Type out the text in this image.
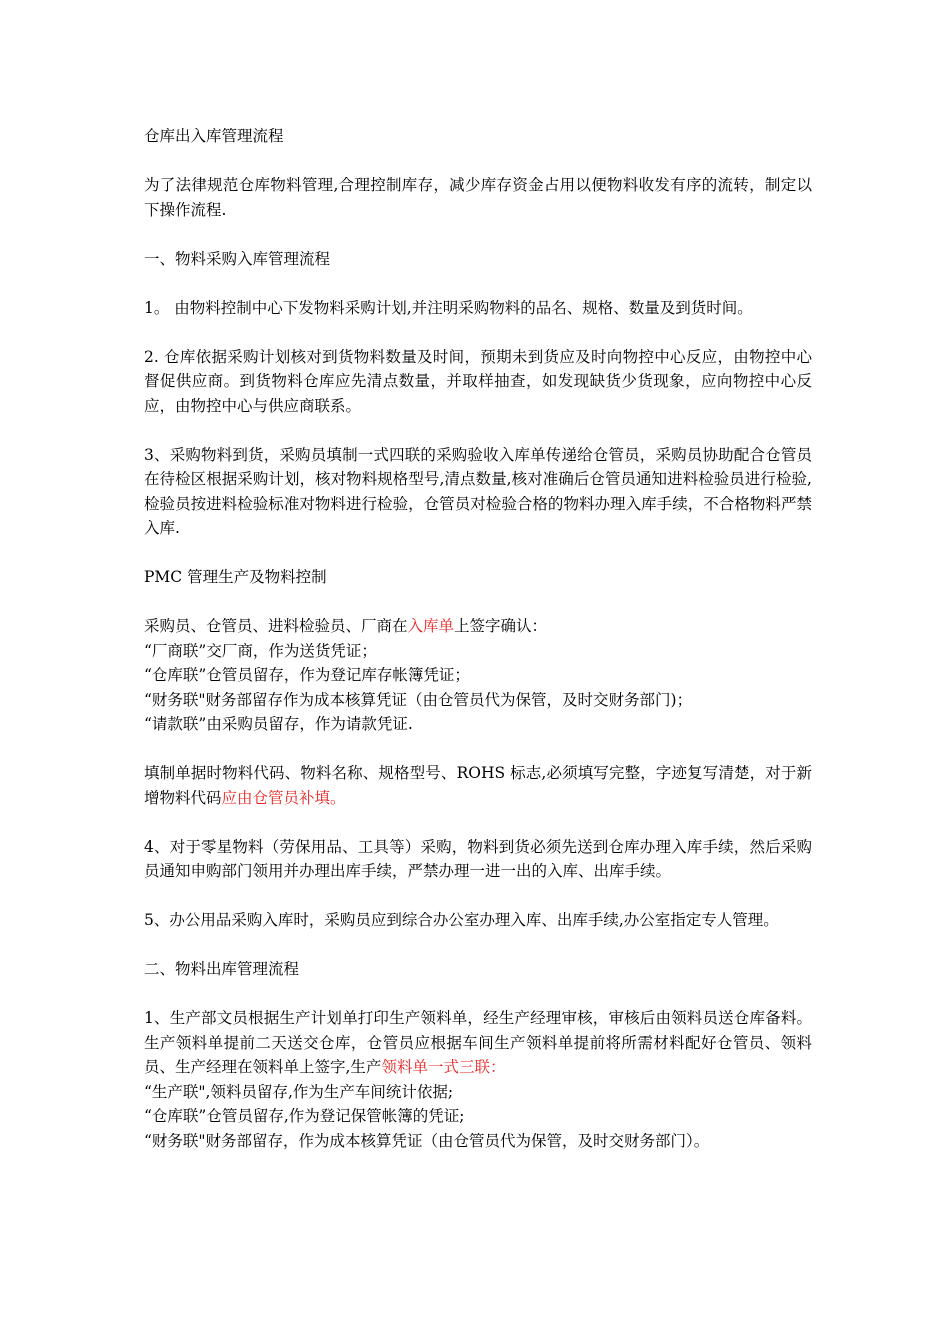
仓库出入库管理流程

为了法律规范仓库物料管理,合理控制库存，减少库存资金占用以便物料收发有序的流转，制定以下操作流程.

一、物料采购入库管理流程

1。 由物料控制中心下发物料采购计划,并注明采购物料的品名、规格、数量及到货时间。

2. 仓库依据采购计划核对到货物料数量及时间，预期未到货应及时向物控中心反应，由物控中心督促供应商。到货物料仓库应先清点数量，并取样抽查，如发现缺货少货现象，应向物控中心反应，由物控中心与供应商联系。

3、采购物料到货，采购员填制一式四联的采购验收入库单传递给仓管员，采购员协助配合仓管员在待检区根据采购计划，核对物料规格型号,清点数量,核对准确后仓管员通知进料检验员进行检验,检验员按进料检验标准对物料进行检验，仓管员对检验合格的物料办理入库手续，不合格物料严禁入库.

PMC 管理生产及物料控制

采购员、仓管员、进料检验员、厂商在入库单上签字确认：
“厂商联”交厂商，作为送货凭证；
“仓库联”仓管员留存，作为登记库存帐簿凭证；
“财务联"财务部留存作为成本核算凭证（由仓管员代为保管，及时交财务部门)；
“请款联”由采购员留存，作为请款凭证.

填制单据时物料代码、物料名称、规格型号、ROHS 标志,必须填写完整，字迹复写清楚，对于新增物料代码应由仓管员补填。

4、对于零星物料（劳保用品、工具等）采购，物料到货必须先送到仓库办理入库手续，然后采购员通知申购部门领用并办理出库手续，严禁办理一进一出的入库、出库手续。

5、办公用品采购入库时，采购员应到综合办公室办理入库、出库手续,办公室指定专人管理。

二、物料出库管理流程

1、生产部文员根据生产计划单打印生产领料单，经生产经理审核，审核后由领料员送仓库备料。生产领料单提前二天送交仓库，仓管员应根据车间生产领料单提前将所需材料配好仓管员、领料员、生产经理在领料单上签字,生产领料单一式三联：
“生产联",领料员留存,作为生产车间统计依据;
“仓库联”仓管员留存,作为登记保管帐簿的凭证;
“财务联"财务部留存，作为成本核算凭证（由仓管员代为保管，及时交财务部门）。
